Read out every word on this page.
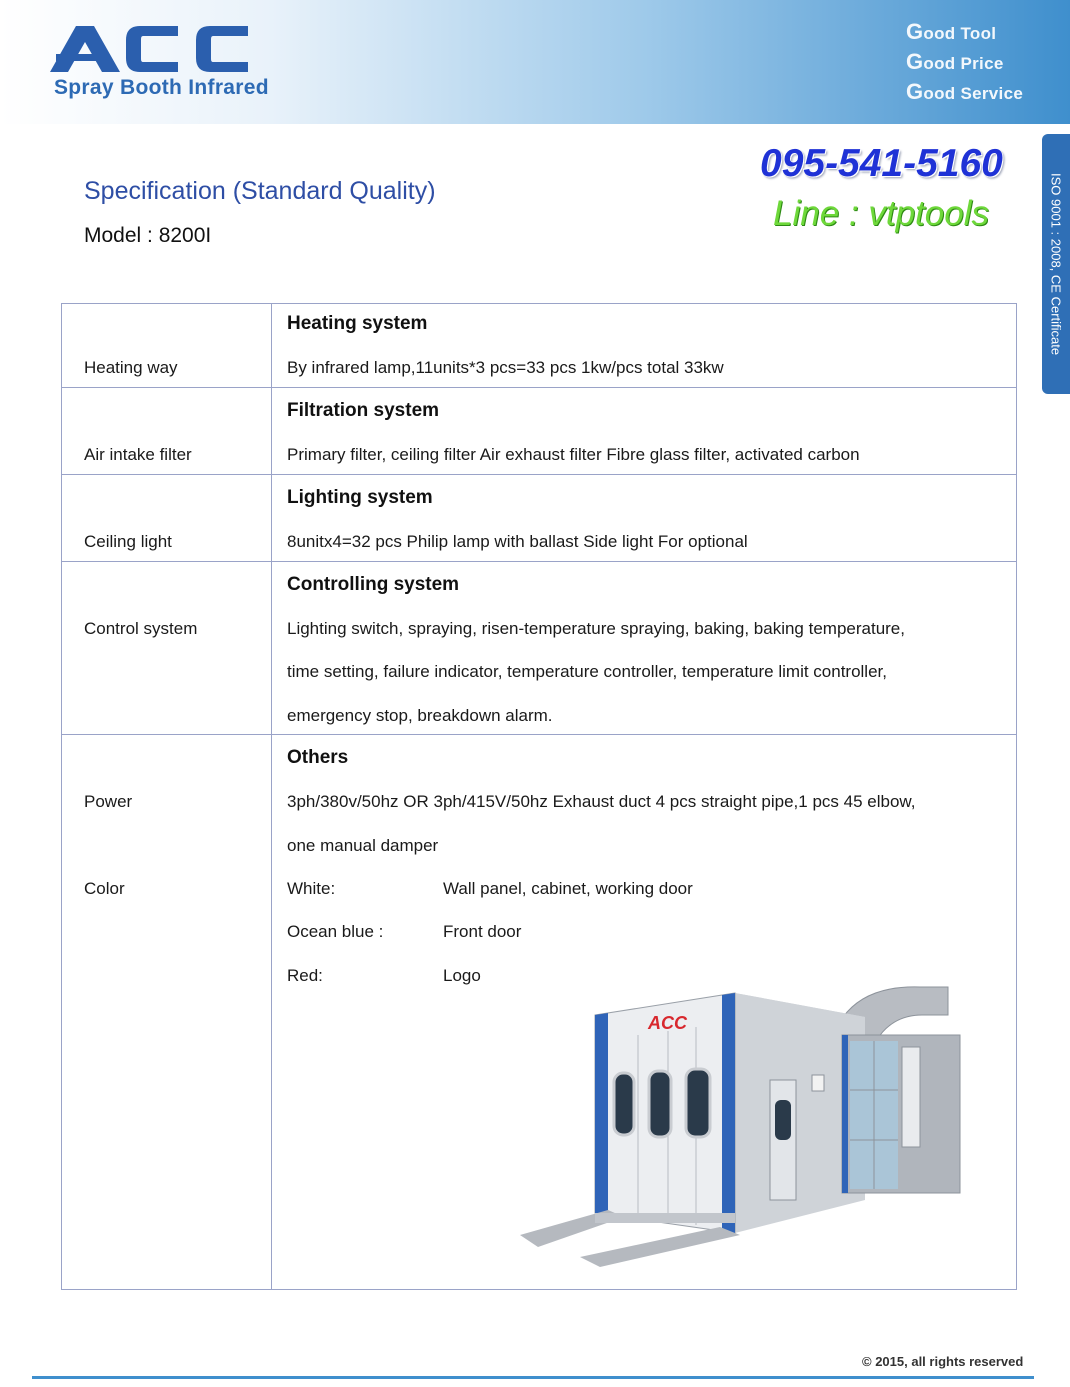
Spray Booth Infrared
Good Tool
Good Price
Good Service
ISO 9001 : 2008, CE Certificate
Specification (Standard Quality)
Model : 8200I
095-541-5160
Line : vtptools
Heating system
Heating way	By infrared lamp,11units*3 pcs=33 pcs 1kw/pcs total 33kw
Filtration system
Air intake filter	Primary filter, ceiling filter Air exhaust filter Fibre glass filter, activated carbon
Lighting system
Ceiling light	8unitx4=32 pcs Philip lamp with ballast Side light For optional
Controlling system
Control system	Lighting switch, spraying, risen-temperature spraying, baking, baking temperature,
time setting, failure indicator, temperature controller, temperature limit controller,
emergency stop, breakdown alarm.
Others
Power	3ph/380v/50hz OR 3ph/415V/50hz Exhaust duct 4 pcs straight pipe,1 pcs 45 elbow,
one manual damper
Color	White:	Wall panel, cabinet, working door
Ocean blue :	Front door
Red:	Logo
ACC
© 2015, all rights reserved
